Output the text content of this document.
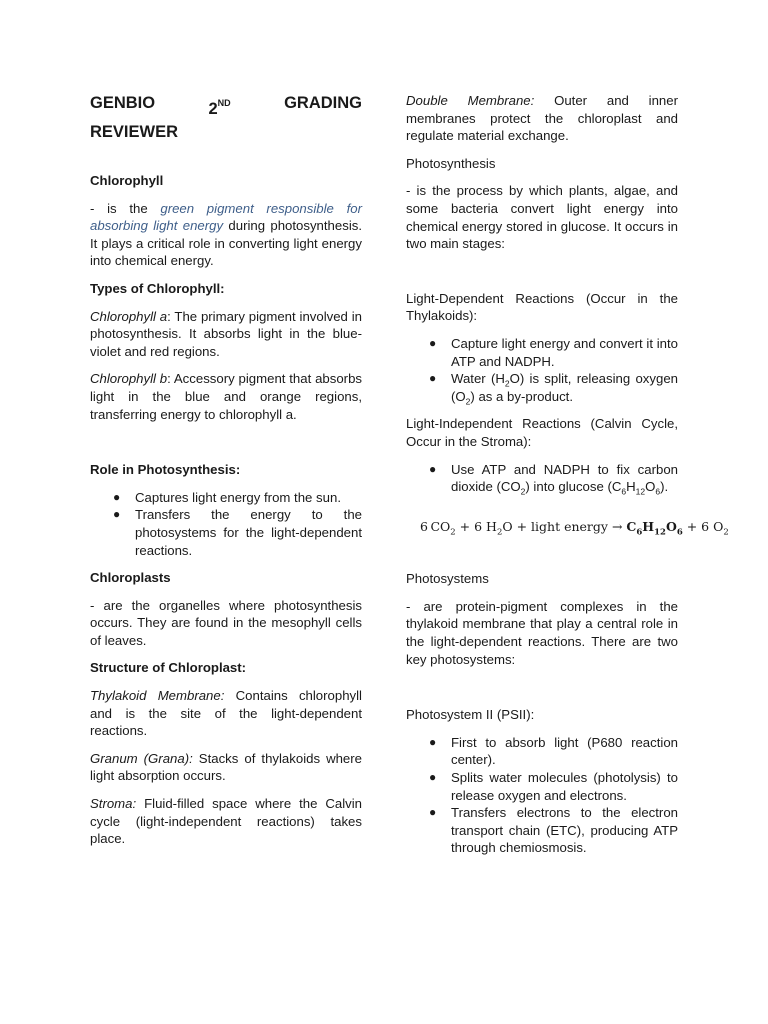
GENBIO	2ND	GRADING
REVIEWER
Chlorophyll

- is the green pigment responsible for absorbing light energy during photosynthesis. It plays a critical role in converting light energy into chemical energy.

Types of Chlorophyll:

Chlorophyll a: The primary pigment involved in photosynthesis. It absorbs light in the blue-violet and red regions.

Chlorophyll b: Accessory pigment that absorbs light in the blue and orange regions, transferring energy to chlorophyll a.

Role in Photosynthesis:
● Captures light energy from the sun.
● Transfers the energy to the photosystems for the light-dependent reactions.
Chloroplasts

- are the organelles where photosynthesis occurs. They are found in the mesophyll cells of leaves.

Structure of Chloroplast:

Thylakoid Membrane: Contains chlorophyll and is the site of the light-dependent reactions.

Granum (Grana): Stacks of thylakoids where light absorption occurs.

Stroma: Fluid-filled space where the Calvin cycle (light-independent reactions) takes place.

Double Membrane: Outer and inner membranes protect the chloroplast and regulate material exchange.

Photosynthesis

- is the process by which plants, algae, and some bacteria convert light energy into chemical energy stored in glucose. It occurs in two main stages:

Light-Dependent Reactions (Occur in the Thylakoids):

● Capture light energy and convert it into ATP and NADPH.
● Water $(H_2O)$ is split, releasing oxygen $(O_2)$ as a by-product.

Light-Independent Reactions (Calvin Cycle, Occur in the Stroma):

● Use ATP and NADPH to fix carbon dioxide $(CO_2)$ into glucose $(C_6H_{12}O_6)$.
6  $CO_2 + 6$ $H_2O$ + light energy → $C_6H_{12}O_6 + 6$ $O_2$

Photosystems

- are protein-pigment complexes in the thylakoid membrane that play a central role in the light-dependent reactions. There are two key photosystems:

Photosystem II (PSII):

● First to absorb light (P680 reaction center).
● Splits water molecules (photolysis) to release oxygen and electrons.
● Transfers electrons to the electron transport chain (ETC), producing ATP through chemiosmosis.
